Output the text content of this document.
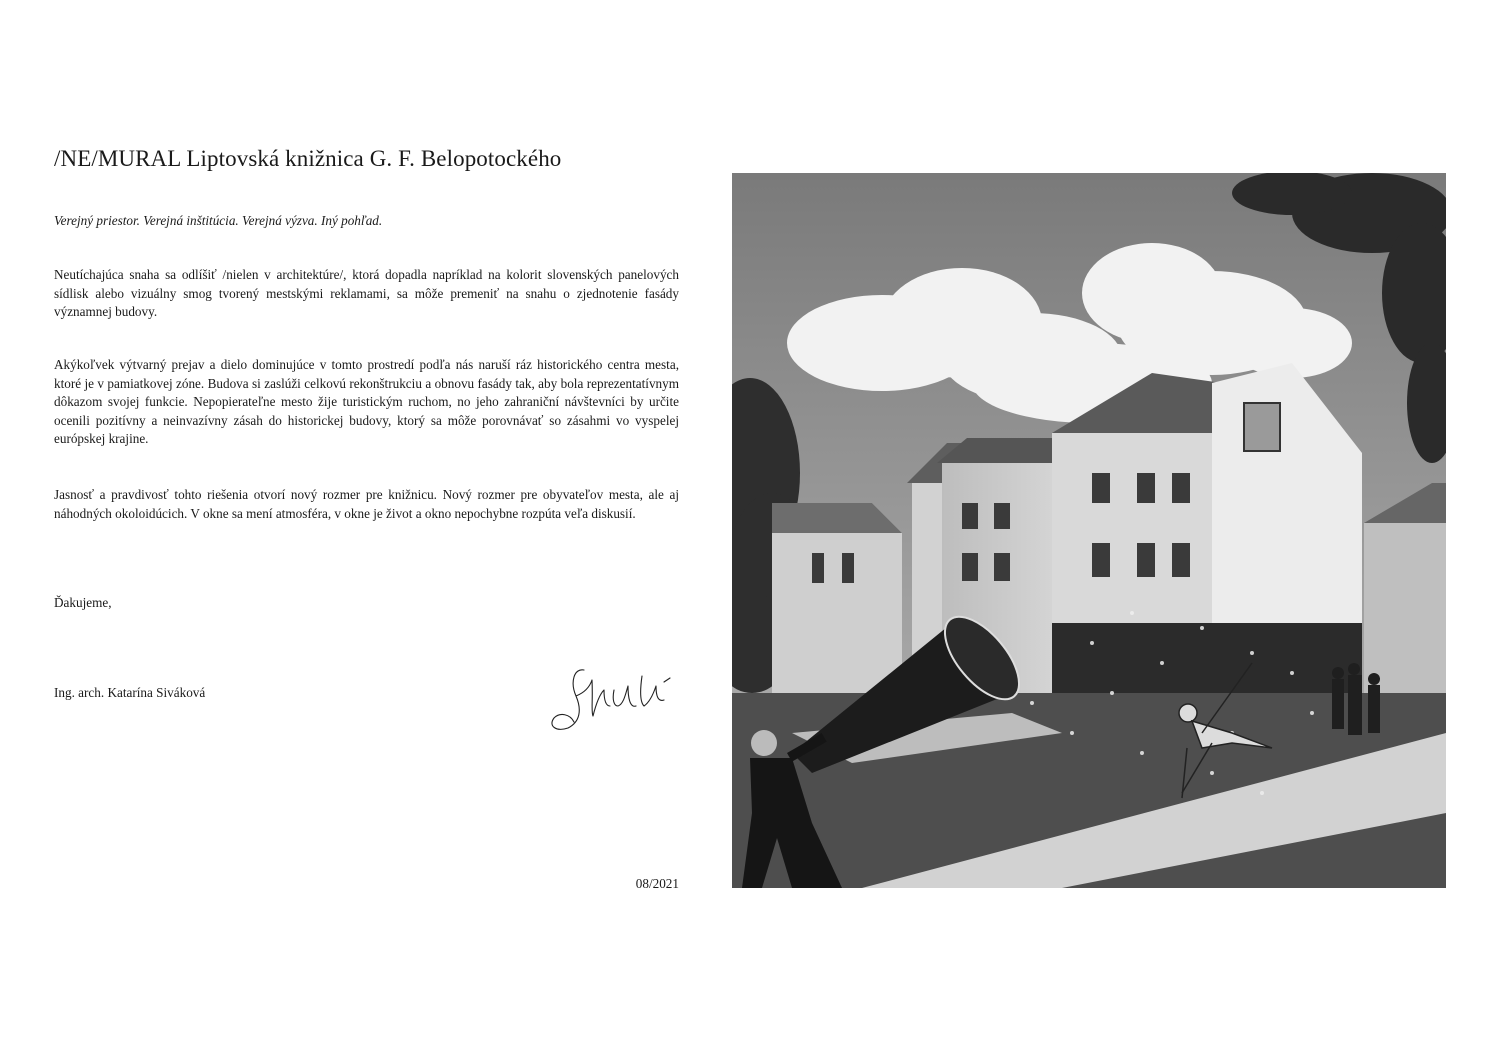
/NE/MURAL Liptovská knižnica G. F. Belopotockého

Verejný priestor. Verejná inštitúcia. Verejná výzva. Iný pohľad.

Neutíchajúca snaha sa odlíšiť /nielen v architektúre/, ktorá dopadla napríklad na kolorit slovenských panelových sídlisk alebo vizuálny smog tvorený mestskými reklamami, sa môže premeniť na snahu o zjednotenie fasády významnej budovy.

Akýkoľvek výtvarný prejav a dielo dominujúce v tomto prostredí podľa nás naruší ráz historického centra mesta, ktoré je v pamiatkovej zóne. Budova si zaslúži celkovú rekonštrukciu a obnovu fasády tak, aby bola reprezentatívnym dôkazom svojej funkcie. Nepopierateľne mesto žije turistickým ruchom, no jeho zahraniční návštevníci by určite ocenili pozitívny a neinvazívny zásah do historickej budovy, ktorý sa môže porovnávať so zásahmi vo vyspelej európskej krajine.

Jasnosť a pravdivosť tohto riešenia otvorí nový rozmer pre knižnicu. Nový rozmer pre obyvateľov mesta, ale aj náhodných okoloidúcich. V okne sa mení atmosféra, v okne je život a okno nepochybne rozpúta veľa diskusií.

Ďakujeme,

Ing. arch. Katarína Siváková

08/2021
